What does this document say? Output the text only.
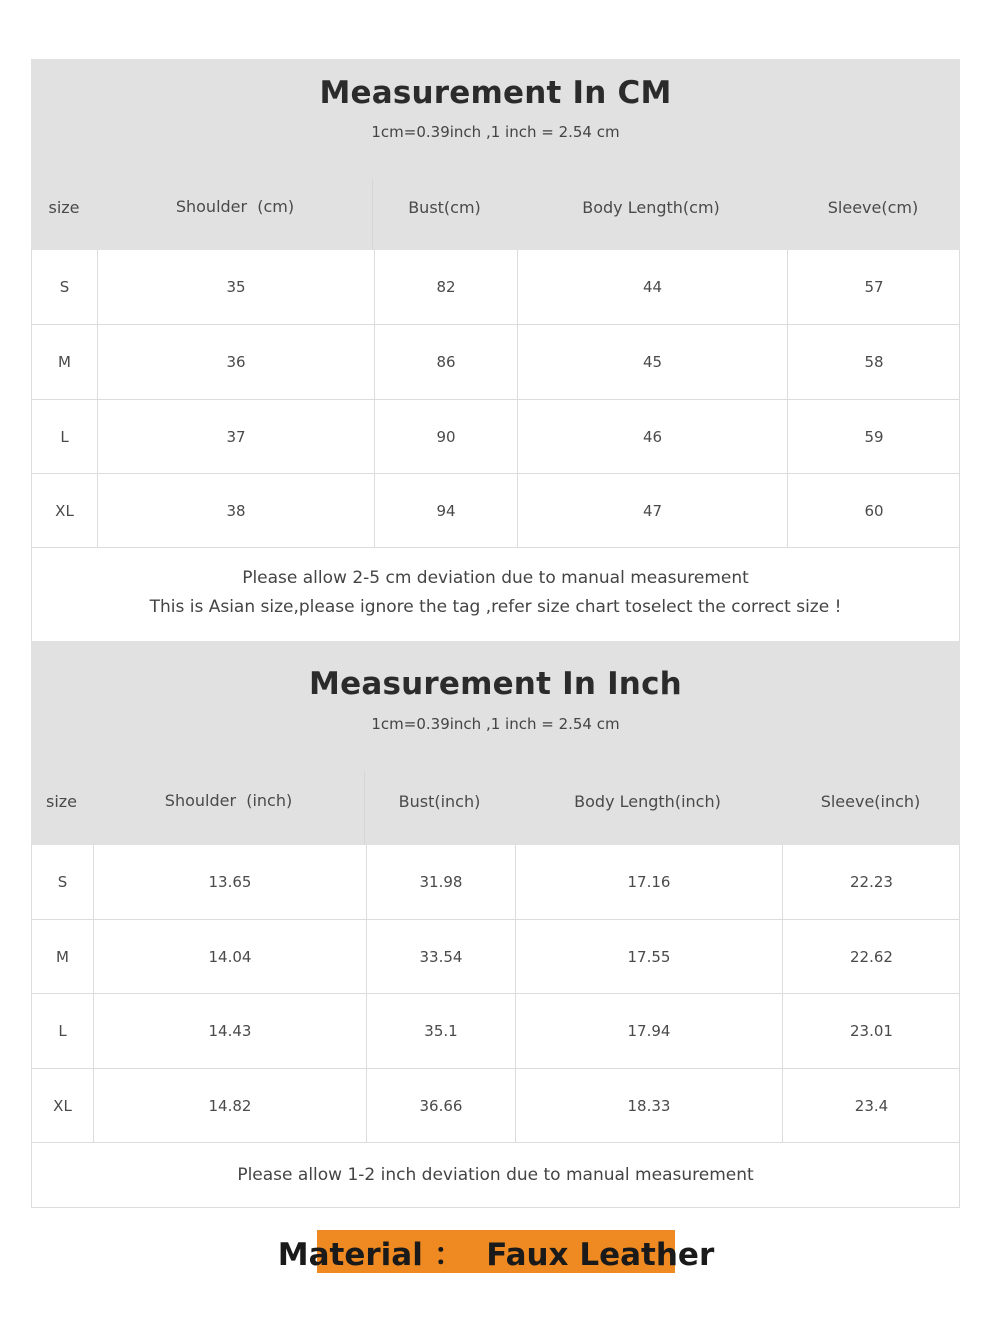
Measurement In CM
1cm=0.39inch ,1 inch = 2.54 cm
size	Shoulder  (cm)	Bust(cm)	Body Length(cm)	Sleeve(cm)
S	35	82	44	57
M	36	86	45	58
L	37	90	46	59
XL	38	94	47	60
Please allow 2-5 cm deviation due to manual measurement
This is Asian size,please ignore the tag ,refer size chart toselect the correct size !
Measurement In Inch
1cm=0.39inch ,1 inch = 2.54 cm
size	Shoulder  (inch)	Bust(inch)	Body Length(inch)	Sleeve(inch)
S	13.65	31.98	17.16	22.23
M	14.04	33.54	17.55	22.62
L	14.43	35.1	17.94	23.01
XL	14.82	36.66	18.33	23.4
Please allow 1-2 inch deviation due to manual measurement
Material ：  Faux Leather
